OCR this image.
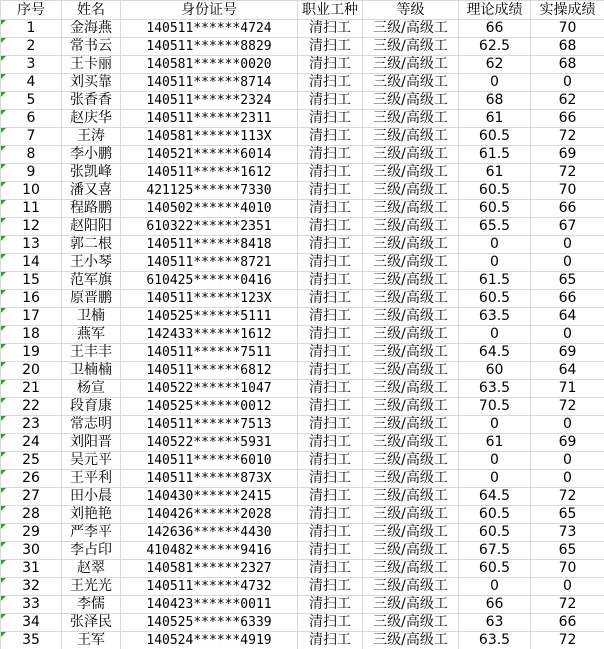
序号	姓名	身份证号	职业工种	等级	理论成绩	实操成绩

1	金海燕	140511******4724	清扫工	三级/高级工	66	70

2	常书云	140511******8829	清扫工	三级/高级工	62.5	68

3	王卡丽	140581******0020	清扫工	三级/高级工	62	68

4	刘买靠	140511******8714	清扫工	三级/高级工	0	0

5	张香香	140511******2324	清扫工	三级/高级工	68	62

6	赵庆华	140511******2311	清扫工	三级/高级工	61	66

7	王涛	140581******113X	清扫工	三级/高级工	60.5	72

8	李小鹏	140521******6014	清扫工	三级/高级工	61.5	69

9	张凯峰	140511******1612	清扫工	三级/高级工	61	72

10	潘又喜	421125******7330	清扫工	三级/高级工	60.5	70

11	程路鹏	140502******4010	清扫工	三级/高级工	60.5	66

12	赵阳阳	610322******2351	清扫工	三级/高级工	65.5	67

13	郭二根	140511******8418	清扫工	三级/高级工	0	0

14	王小琴	140511******8721	清扫工	三级/高级工	0	0

15	范军旗	610425******0416	清扫工	三级/高级工	61.5	65

16	原晋鹏	140511******123X	清扫工	三级/高级工	60.5	66

17	卫楠	140525******5111	清扫工	三级/高级工	63.5	64

18	燕军	142433******1612	清扫工	三级/高级工	0	0

19	王丰丰	140511******7511	清扫工	三级/高级工	64.5	69

20	卫楠楠	140511******6812	清扫工	三级/高级工	60	64

21	杨宣	140522******1047	清扫工	三级/高级工	63.5	71

22	段育康	140525******0012	清扫工	三级/高级工	70.5	72

23	常志明	140511******7513	清扫工	三级/高级工	0	0

24	刘阳晋	140522******5931	清扫工	三级/高级工	61	69

25	吴元平	140511******6010	清扫工	三级/高级工	0	0

26	王平利	140511******873X	清扫工	三级/高级工	0	0

27	田小晨	140430******2415	清扫工	三级/高级工	64.5	72

28	刘艳艳	140426******2028	清扫工	三级/高级工	60.5	65

29	严李平	142636******4430	清扫工	三级/高级工	60.5	73

30	李占印	410482******9416	清扫工	三级/高级工	67.5	65

31	赵翠	140581******2327	清扫工	三级/高级工	60.5	70

32	王光光	140511******4732	清扫工	三级/高级工	0	0

33	李儒	140423******0011	清扫工	三级/高级工	66	72

34	张泽民	140525******6339	清扫工	三级/高级工	63	66

35	王军	140524******4919	清扫工	三级/高级工	63.5	72
